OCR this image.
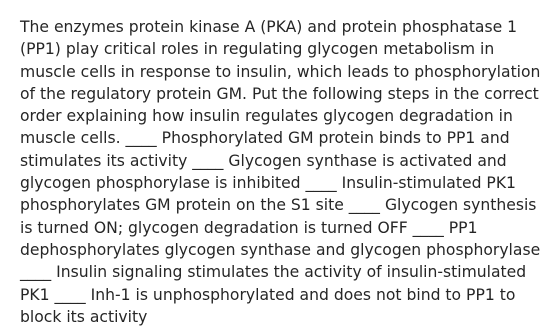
The enzymes protein kinase A (PKA) and protein phosphatase 1 (PP1) play critical roles in regulating glycogen metabolism in muscle cells in response to insulin, which leads to phosphorylation of the regulatory protein GM. Put the following steps in the correct order explaining how insulin regulates glycogen degradation in muscle cells. ____ Phosphorylated GM protein binds to PP1 and stimulates its activity ____ Glycogen synthase is activated and glycogen phosphorylase is inhibited ____ Insulin-stimulated PK1 phosphorylates GM protein on the S1 site ____ Glycogen synthesis is turned ON; glycogen degradation is turned OFF ____ PP1 dephosphorylates glycogen synthase and glycogen phosphorylase ____ Insulin signaling stimulates the activity of insulin-stimulated PK1 ____ Inh-1 is unphosphorylated and does not bind to PP1 to block its activity
